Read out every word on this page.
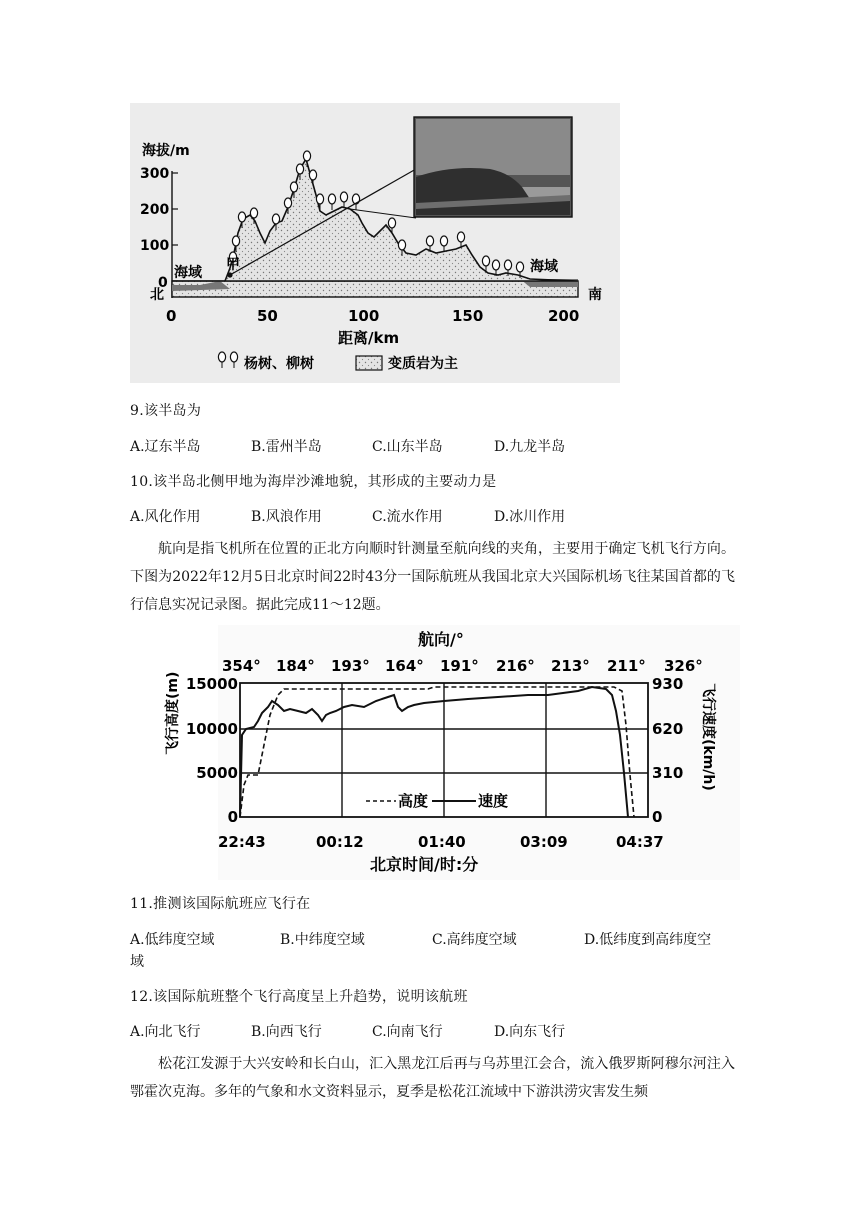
海拔/m
300
200
100
0
甲
海域	海域
北	南
0	50	100	150	200
距离/km
杨树、柳树	变质岩为主
9.该半岛为
A.辽东半岛	B.雷州半岛	C.山东半岛	D.九龙半岛
10.该半岛北侧甲地为海岸沙滩地貌，其形成的主要动力是
A.风化作用	B.风浪作用	C.流水作用	D.冰川作用
航向是指飞机所在位置的正北方向顺时针测量至航向线的夹角，主要用于确定飞机飞行方向。下图为2022年12月5日北京时间22时43分一国际航班从我国北京大兴国际机场飞往某国首都的飞行信息实况记录图。据此完成11～12题。
航向/°
354° 184° 193° 164° 191° 216° 213° 211° 326°
飞行高度(m)	飞行速度(km/h)
15000
10000
5000
0
930
620
310
0
高度	速度
22:43	00:12	01:40	03:09	04:37
北京时间/时:分
11.推测该国际航班应飞行在
A.低纬度空域	B.中纬度空域	C.高纬度空域	D.低纬度到高纬度空
域
12.该国际航班整个飞行高度呈上升趋势，说明该航班
A.向北飞行	B.向西飞行	C.向南飞行	D.向东飞行
松花江发源于大兴安岭和长白山，汇入黑龙江后再与乌苏里江会合，流入俄罗斯阿穆尔河注入鄂霍次克海。多年的气象和水文资料显示，夏季是松花江流域中下游洪涝灾害发生频
